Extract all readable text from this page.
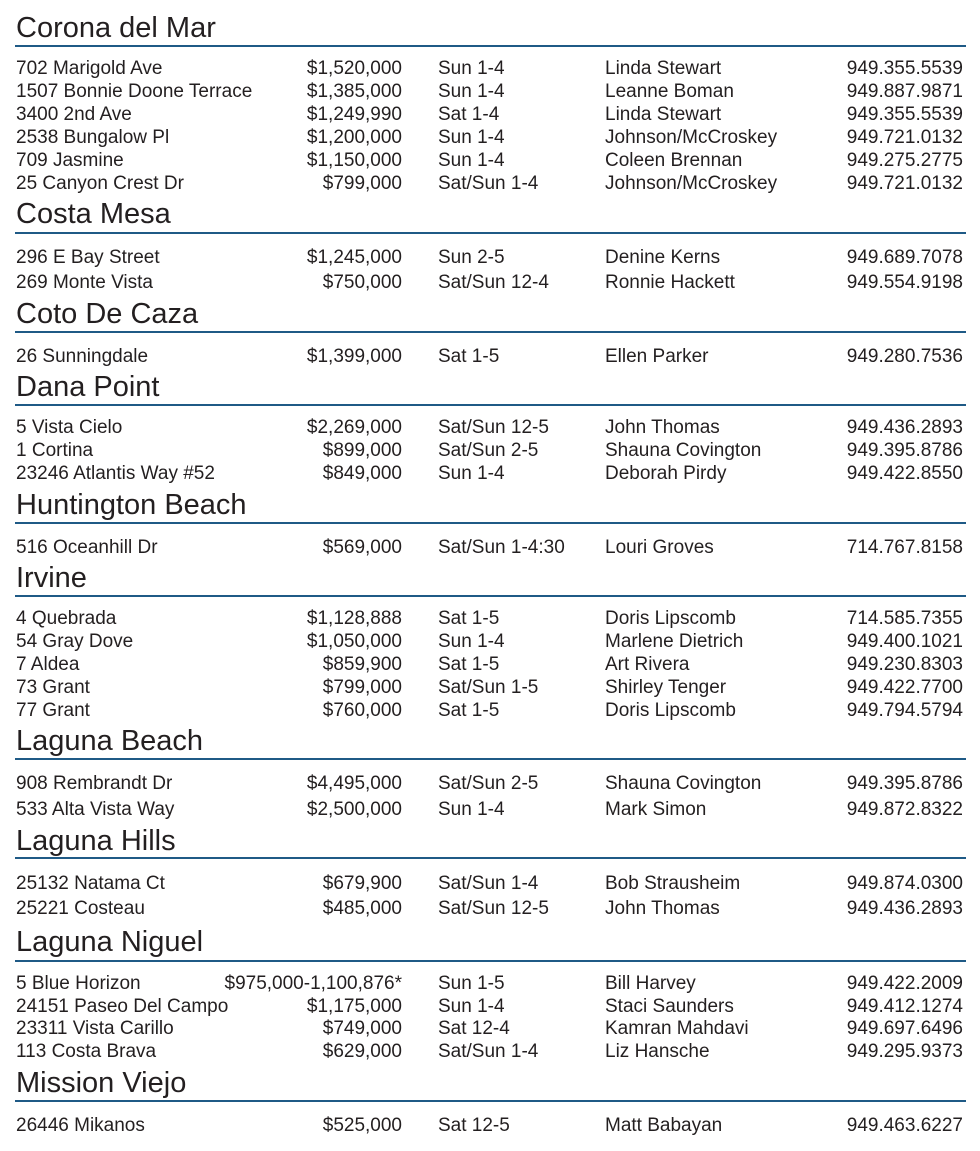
Corona del Mar
702 Marigold Ave	$1,520,000 Sun 1-4	Linda Stewart	949.355.5539
1507 Bonnie Doone Terrace	$1,385,000 Sun 1-4	Leanne Boman	949.887.9871
3400 2nd Ave	$1,249,990 Sat 1-4	Linda Stewart	949.355.5539
2538 Bungalow Pl	$1,200,000 Sun 1-4	Johnson/McCroskey	949.721.0132
709 Jasmine	$1,150,000 Sun 1-4	Coleen Brennan	949.275.2775
25 Canyon Crest Dr	$799,000 Sat/Sun 1-4	Johnson/McCroskey	949.721.0132
Costa Mesa
296 E Bay Street	$1,245,000 Sun 2-5	Denine Kerns	949.689.7078
269 Monte Vista	$750,000 Sat/Sun 12-4	Ronnie Hackett	949.554.9198
Coto De Caza
26 Sunningdale	$1,399,000 Sat 1-5	Ellen Parker	949.280.7536
Dana Point
5 Vista Cielo	$2,269,000 Sat/Sun 12-5	John Thomas	949.436.2893
1 Cortina	$899,000 Sat/Sun 2-5	Shauna Covington	949.395.8786
23246 Atlantis Way #52	$849,000 Sun 1-4	Deborah Pirdy	949.422.8550
Huntington Beach
516 Oceanhill Dr	$569,000 Sat/Sun 1-4:30 Louri Groves	714.767.8158
Irvine
4 Quebrada	$1,128,888 Sat 1-5	Doris Lipscomb	714.585.7355
54 Gray Dove	$1,050,000 Sun 1-4	Marlene Dietrich	949.400.1021
7 Aldea	$859,900 Sat 1-5	Art Rivera	949.230.8303
73 Grant	$799,000 Sat/Sun 1-5	Shirley Tenger	949.422.7700
77 Grant	$760,000 Sat 1-5	Doris Lipscomb	949.794.5794
Laguna Beach
908 Rembrandt Dr	$4,495,000 Sat/Sun 2-5	Shauna Covington	949.395.8786
533 Alta Vista Way	$2,500,000 Sun 1-4	Mark Simon	949.872.8322
Laguna Hills
25132 Natama Ct	$679,900 Sat/Sun 1-4	Bob Strausheim	949.874.0300
25221 Costeau	$485,000 Sat/Sun 12-5	John Thomas	949.436.2893
Laguna Niguel
5 Blue Horizon	$975,000-1,100,876* Sun 1-5	Bill Harvey	949.422.2009
24151 Paseo Del Campo	$1,175,000 Sun 1-4	Staci Saunders	949.412.1274
23311 Vista Carillo	$749,000 Sat 12-4	Kamran Mahdavi	949.697.6496
113 Costa Brava	$629,000 Sat/Sun 1-4	Liz Hansche	949.295.9373
Mission Viejo
26446 Mikanos	$525,000 Sat 12-5	Matt Babayan	949.463.6227
